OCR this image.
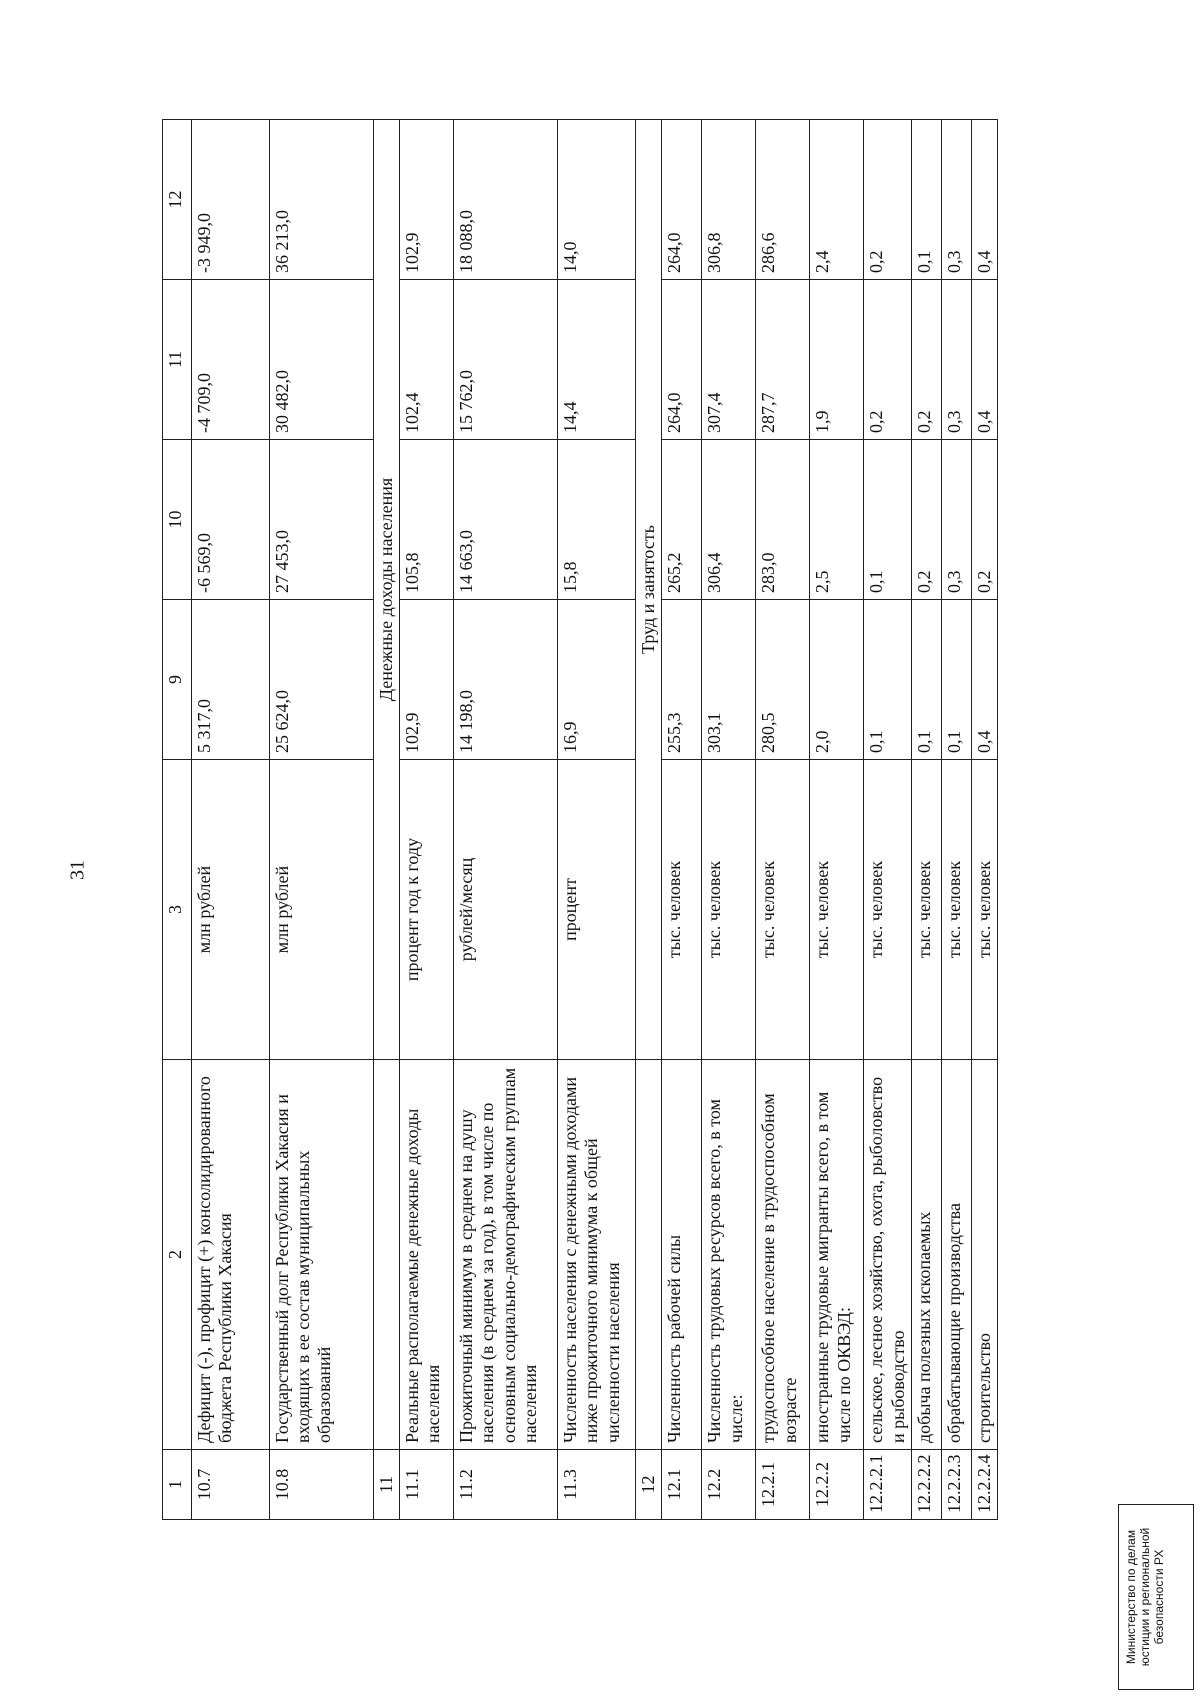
31
1	2	3	9	10	11	12
10.7	Дефицит (-), профицит (+) консолидированного бюджета Республики Хакасия	млн рублей	5 317,0	-6 569,0	-4 709,0	-3 949,0
10.8	Государственный долг Республики Хакасия и входящих в ее состав муниципальных образований	млн рублей	25 624,0	27 453,0	30 482,0	36 213,0
11		Денежные доходы населения				
11.1	Реальные располагаемые денежные доходы населения	процент год к году	102,9	105,8	102,4	102,9
11.2	Прожиточный минимум в среднем на душу населения (в среднем за год), в том числе по основным социально-демографическим группам населения	рублей/месяц	14 198,0	14 663,0	15 762,0	18 088,0
11.3	Численность населения с денежными доходами ниже прожиточного минимума к общей численности населения	процент	16,9	15,8	14,4	14,0
12		Труд и занятость				
12.1	Численность рабочей силы	тыс. человек	255,3	265,2	264,0	264,0
12.2	Численность трудовых ресурсов всего, в том числе:	тыс. человек	303,1	306,4	307,4	306,8
12.2.1	трудоспособное население в трудоспособном возрасте	тыс. человек	280,5	283,0	287,7	286,6
12.2.2	иностранные трудовые мигранты всего, в том числе по ОКВЭД:	тыс. человек	2,0	2,5	1,9	2,4
12.2.2.1	сельское, лесное хозяйство, охота, рыболовство и рыбоводство	тыс. человек	0,1	0,1	0,2	0,2
12.2.2.2	добыча полезных ископаемых	тыс. человек	0,1	0,2	0,2	0,1
12.2.2.3	обрабатывающие производства	тыс. человек	0,1	0,3	0,3	0,3
12.2.2.4	строительство	тыс. человек	0,4	0,2	0,4	0,4
Министерство по делам юстиции и региональной безопасности РХ
